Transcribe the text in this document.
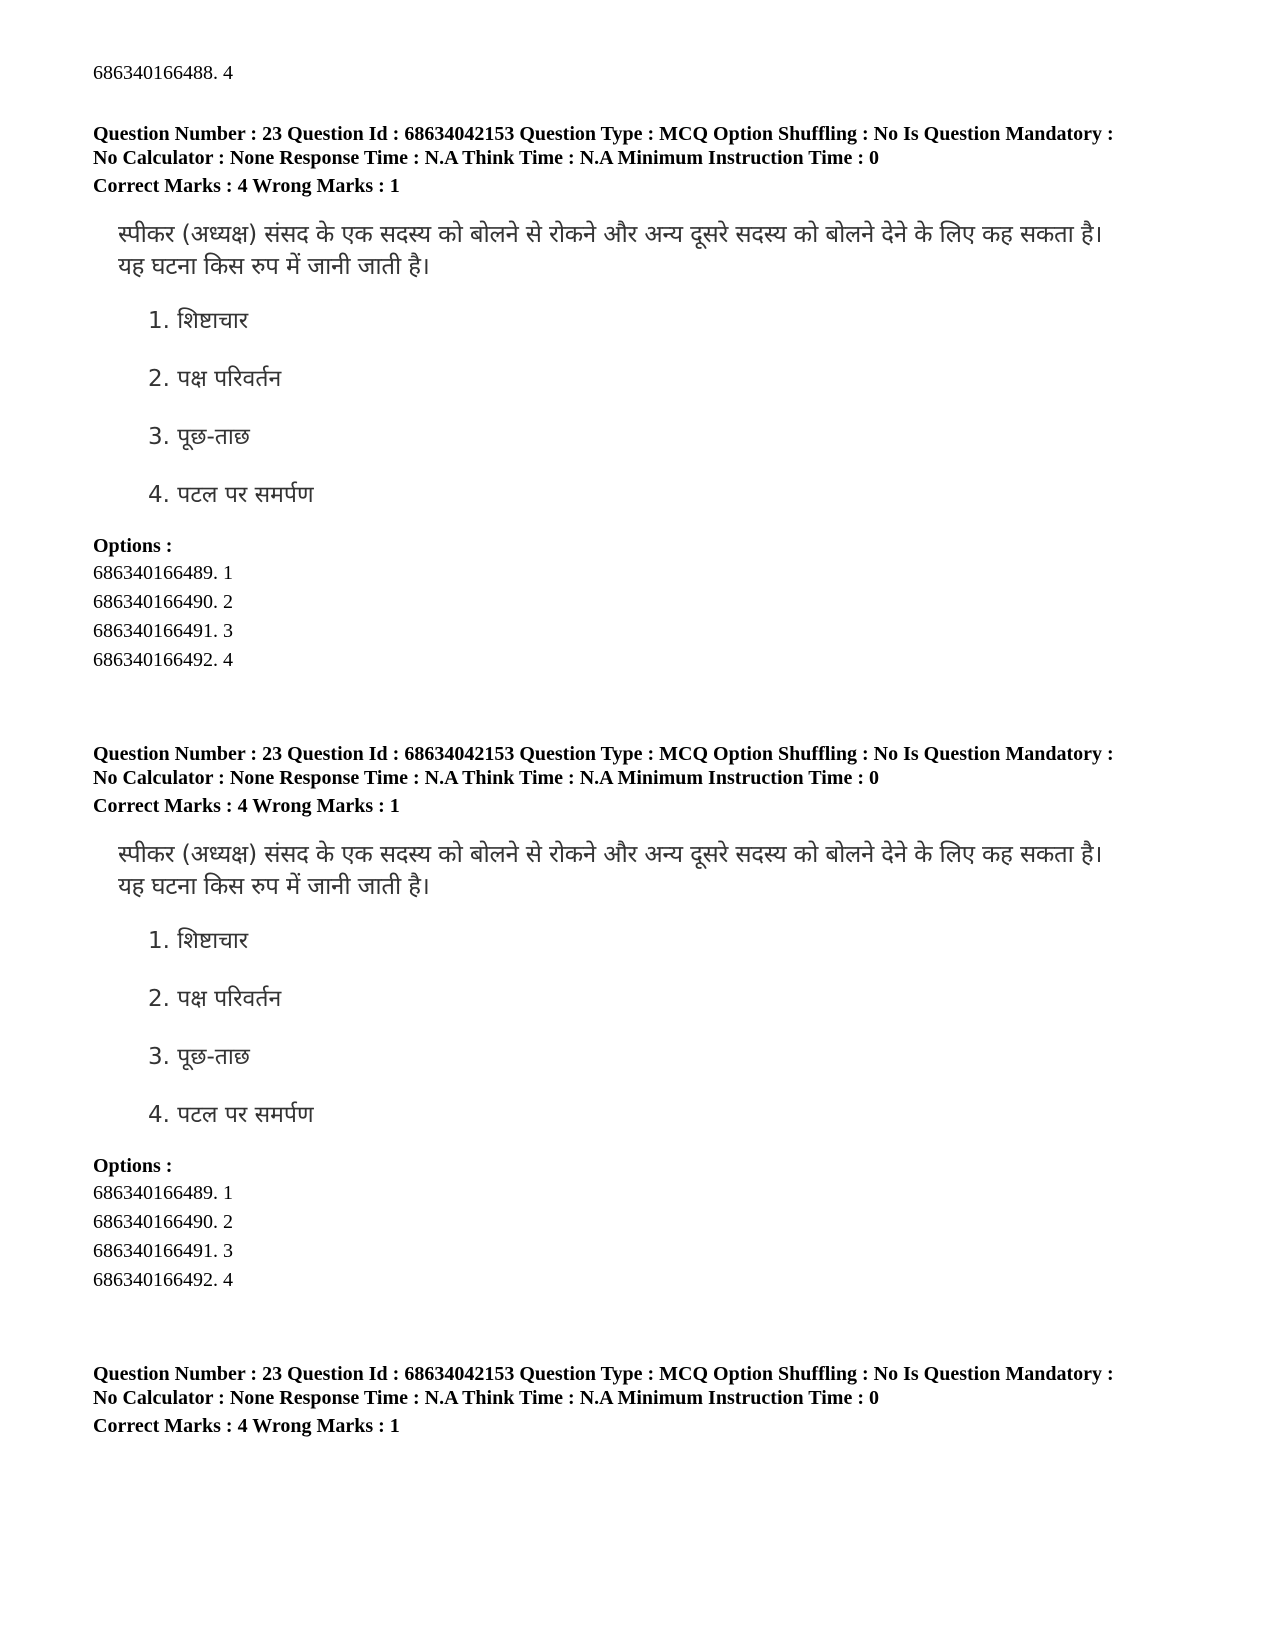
686340166488. 4

Question Number : 23 Question Id : 68634042153 Question Type : MCQ Option Shuffling : No Is Question Mandatory :

No Calculator : None Response Time : N.A Think Time : N.A Minimum Instruction Time : 0

Correct Marks : 4 Wrong Marks : 1

स्पीकर (अध्यक्ष) संसद के एक सदस्य को बोलने से रोकने और अन्य दूसरे सदस्य को बोलने देने के लिए कह सकता है।

यह घटना किस रुप में जानी जाती है।

1. शिष्टाचार
2. पक्ष परिवर्तन
3. पूछ-ताछ
4. पटल पर समर्पण

Options :

686340166489. 1

686340166490. 2

686340166491. 3

686340166492. 4

Question Number : 23 Question Id : 68634042153 Question Type : MCQ Option Shuffling : No Is Question Mandatory :

No Calculator : None Response Time : N.A Think Time : N.A Minimum Instruction Time : 0

Correct Marks : 4 Wrong Marks : 1

स्पीकर (अध्यक्ष) संसद के एक सदस्य को बोलने से रोकने और अन्य दूसरे सदस्य को बोलने देने के लिए कह सकता है।

यह घटना किस रुप में जानी जाती है।

1. शिष्टाचार
2. पक्ष परिवर्तन
3. पूछ-ताछ
4. पटल पर समर्पण

Options :

686340166489. 1

686340166490. 2

686340166491. 3

686340166492. 4

Question Number : 23 Question Id : 68634042153 Question Type : MCQ Option Shuffling : No Is Question Mandatory :

No Calculator : None Response Time : N.A Think Time : N.A Minimum Instruction Time : 0

Correct Marks : 4 Wrong Marks : 1
